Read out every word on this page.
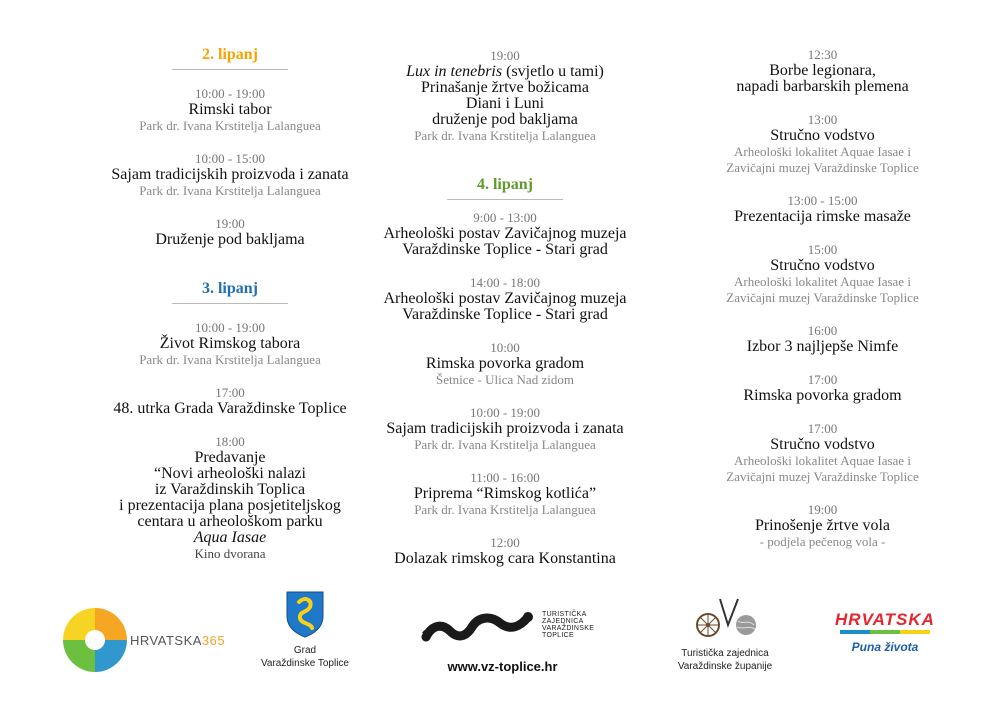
2. lipanj
10:00 - 19:00
Rimski tabor
Park dr. Ivana Krstitelja Lalanguea
10:00 - 15:00
Sajam tradicijskih proizvoda i zanata
Park dr. Ivana Krstitelja Lalanguea
19:00
Druženje pod bakljama
3. lipanj
10:00 - 19:00
Život Rimskog tabora
Park dr. Ivana Krstitelja Lalanguea
17:00
48. utrka Grada Varaždinske Toplice
18:00
Predavanje
“Novi arheološki nalazi
iz Varaždinskih Toplica
i prezentacija plana posjetiteljskog
centara u arheološkom parku
Aqua Iasae
Kino dvorana
19:00
Lux in tenebris (svjetlo u tami)
Prinašanje žrtve božicama
Diani i Luni
druženje pod bakljama
Park dr. Ivana Krstitelja Lalanguea
4. lipanj
9:00 - 13:00
Arheološki postav Zavičajnog muzeja
Varaždinske Toplice - Stari grad
14:00 - 18:00
Arheološki postav Zavičajnog muzeja
Varaždinske Toplice - Stari grad
10:00
Rimska povorka gradom
Šetnice - Ulica Nad zidom
10:00 - 19:00
Sajam tradicijskih proizvoda i zanata
Park dr. Ivana Krstitelja Lalanguea
11:00 - 16:00
Priprema “Rimskog kotlića”
Park dr. Ivana Krstitelja Lalanguea
12:00
Dolazak rimskog cara Konstantina
12:30
Borbe legionara,
napadi barbarskih plemena
13:00
Stručno vodstvo
Arheološki lokalitet Aquae Iasae i
Zavičajni muzej Varaždinske Toplice
13:00 - 15:00
Prezentacija rimske masaže
15:00
Stručno vodstvo
Arheološki lokalitet Aquae Iasae i
Zavičajni muzej Varaždinske Toplice
16:00
Izbor 3 najljepše Nimfe
17:00
Rimska povorka gradom
17:00
Stručno vodstvo
Arheološki lokalitet Aquae Iasae i
Zavičajni muzej Varaždinske Toplice
19:00
Prinošenje žrtve vola
- podjela pečenog vola -
HRVATSKA365
Grad
Varaždinske Toplice
TURISTIČKA
ZAJEDNICA
VARAŽDINSKE
TOPLICE
www.vz-toplice.hr
Turistička zajednica
Varaždinske županije
HRVATSKA
Puna života
